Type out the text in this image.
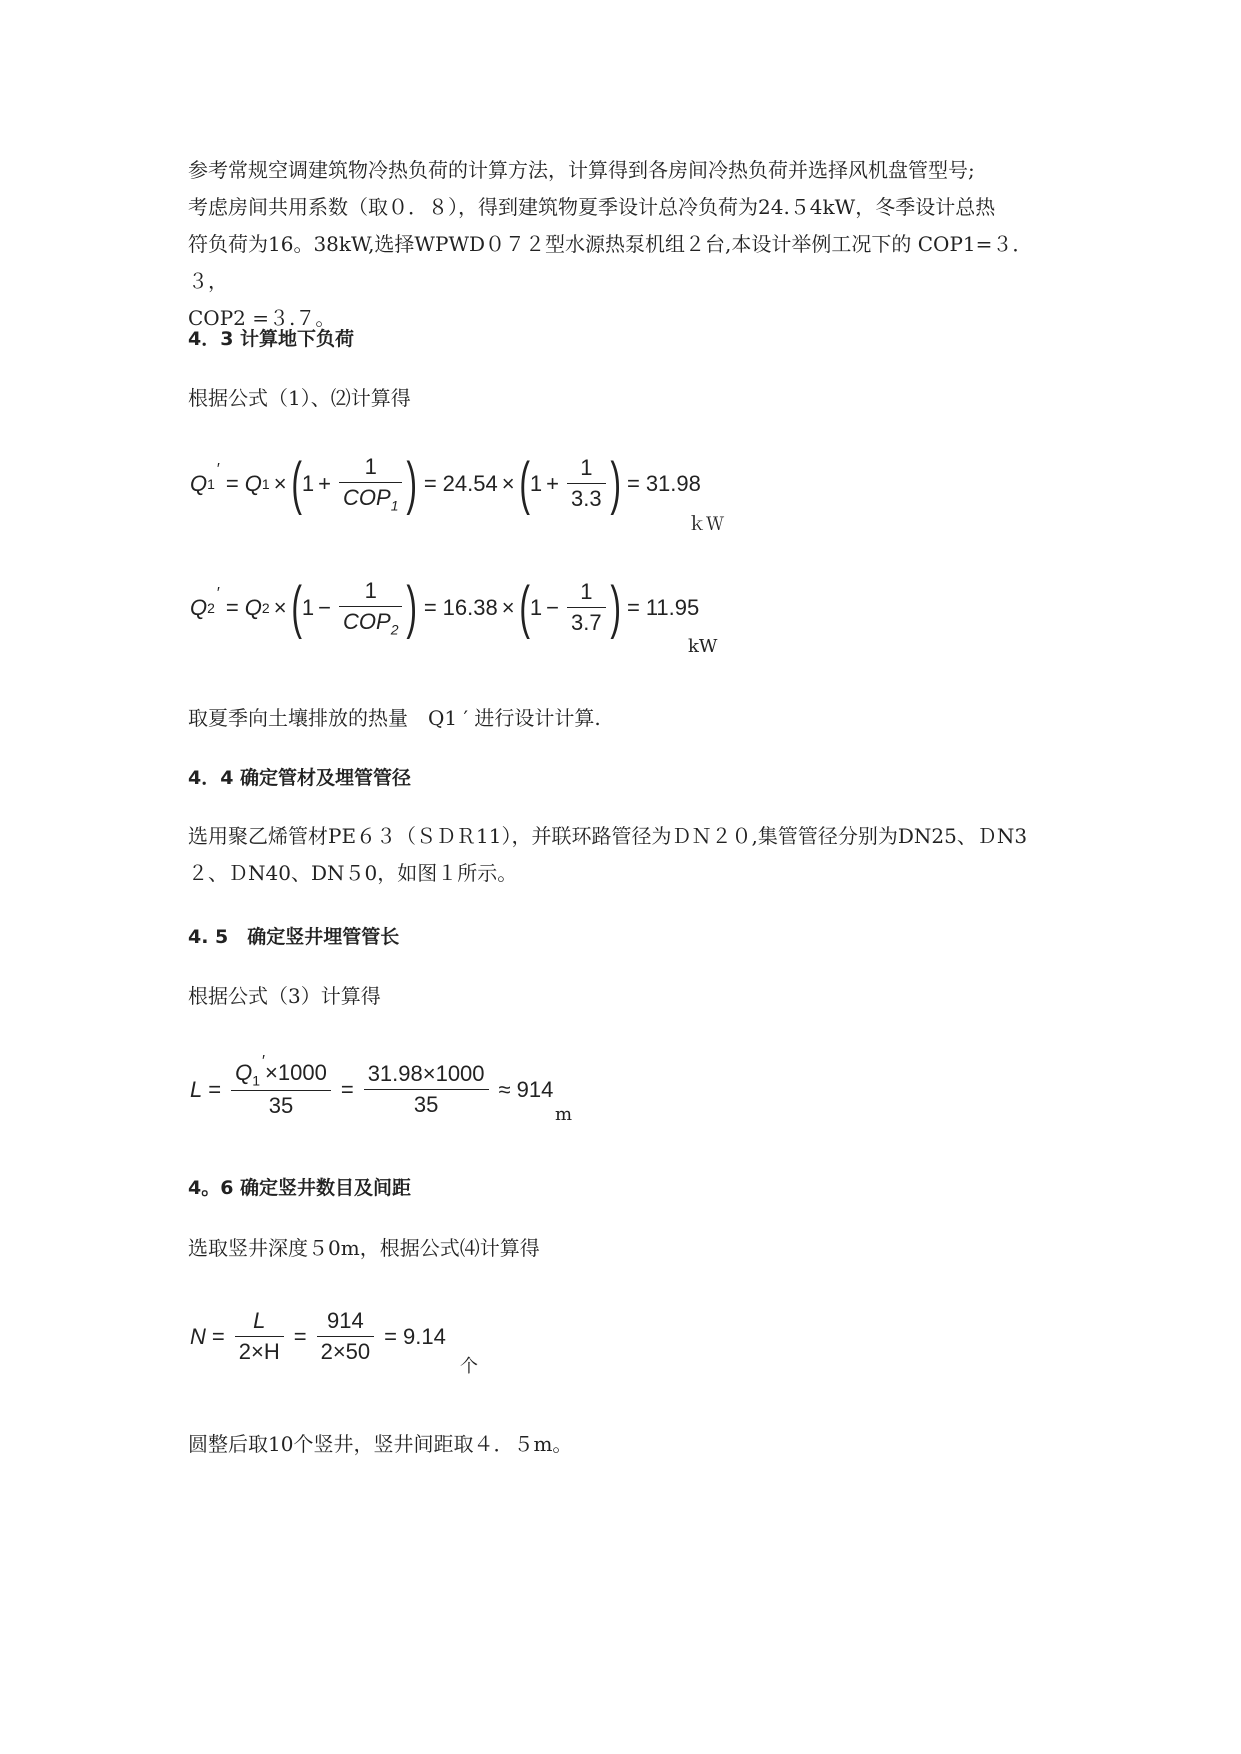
参考常规空调建筑物冷热负荷的计算方法，计算得到各房间冷热负荷并选择风机盘管型号;
考虑房间共用系数（取０．８），得到建筑物夏季设计总冷负荷为24.５4kW，冬季设计总热
符负荷为16。38kW,选择WPWD０７２型水源热泵机组２台,本设计举例工况下的 COP1=３．３，
COP2 =３.７。
4．3 计算地下负荷
根据公式（1）、⑵计算得
Q 1
′
= Q 1 × ( $1 + \frac{1}{COP_1}$ ) = 24.54 × ( $1 + \frac{1}{3.3}$ ) = 31.98
ｋＷ
Q 2
′
= Q 2 × ( $1 - \frac{1}{COP_2}$ ) = 16.38 × ( $1 - \frac{1}{3.7}$ ) = 11.95
kW
取夏季向土壤排放的热量　Q1 ′ 进行设计计算.
4．4 确定管材及埋管管径
选用聚乙烯管材PE６３（ＳＤＲ11），并联环路管径为ＤＮ２０,集管管径分别为DN25、ＤN3
２、ＤN40、DN５0，如图１所示。
4. 5　确定竖井埋管管长
根据公式（3）计算得
$L = \frac{Q_1'\times 1000}{35} = \frac{31.98\times 1000}{35} \approx 914$
m
4。6 确定竖井数目及间距
选取竖井深度５0m，根据公式⑷计算得
$N = \frac{L}{2\times H} = \frac{914}{2\times 50} = 9.14$
个
圆整后取10个竖井，竖井间距取４．５m。
